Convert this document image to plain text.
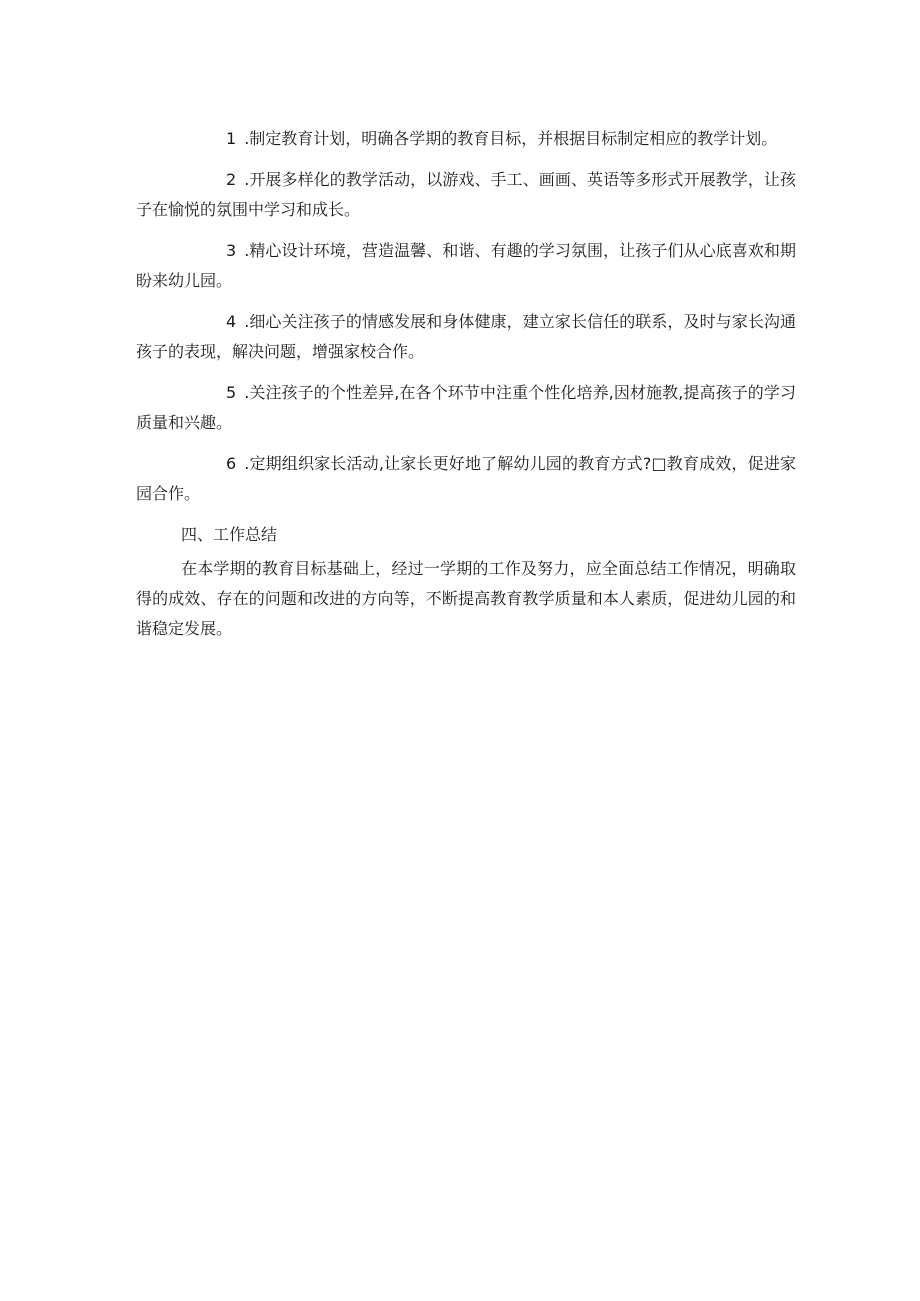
1 .制定教育计划，明确各学期的教育目标，并根据目标制定相应的教学计划。

2 .开展多样化的教学活动，以游戏、手工、画画、英语等多形式开展教学，让孩子在愉悦的氛围中学习和成长。

3 .精心设计环境，营造温馨、和谐、有趣的学习氛围，让孩子们从心底喜欢和期盼来幼儿园。

4 .细心关注孩子的情感发展和身体健康，建立家长信任的联系，及时与家长沟通孩子的表现，解决问题，增强家校合作。

5 .关注孩子的个性差异,在各个环节中注重个性化培养,因材施教,提高孩子的学习质量和兴趣。

6 .定期组织家长活动,让家长更好地了解幼儿园的教育方式?□教育成效，促进家园合作。

四、工作总结

在本学期的教育目标基础上，经过一学期的工作及努力，应全面总结工作情况，明确取得的成效、存在的问题和改进的方向等，不断提高教育教学质量和本人素质，促进幼儿园的和谐稳定发展。
